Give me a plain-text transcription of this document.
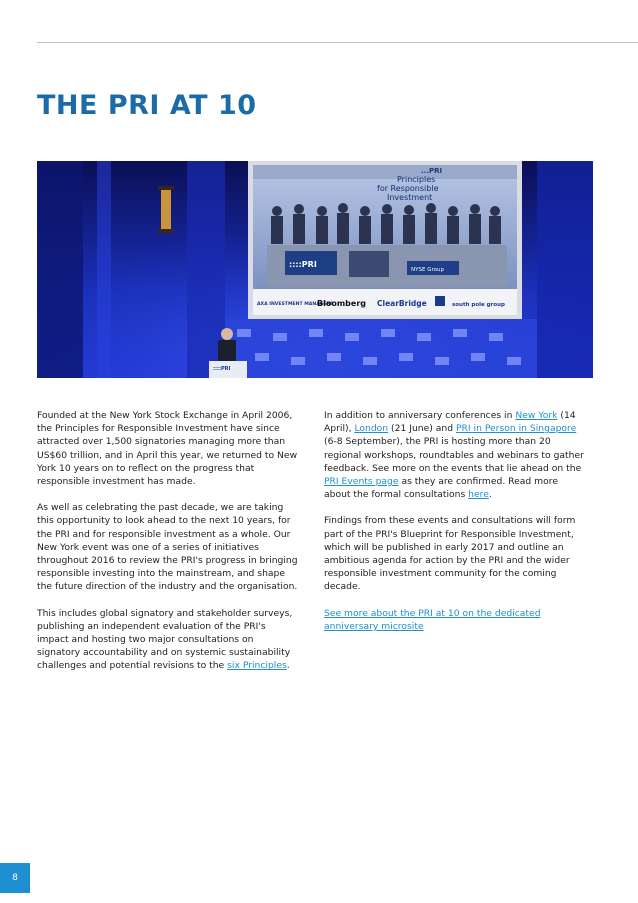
THE PRI AT 10
...PRI
Principles
for Responsible
Investment
::::PRI
NYSE Group
AXA INVESTMENT MANAGERS
Bloomberg ClearBridge	south pole group
::::PRI

Founded at the New York Stock Exchange in April 2006, the Principles for Responsible Investment have since attracted over 1,500 signatories managing more than US$60 trillion, and in April this year, we returned to New York 10 years on to reflect on the progress that responsible investment has made.

As well as celebrating the past decade, we are taking this opportunity to look ahead to the next 10 years, for the PRI and for responsible investment as a whole. Our New York event was one of a series of initiatives throughout 2016 to review the PRI's progress in bringing responsible investing into the mainstream, and shape the future direction of the industry and the organisation.

This includes global signatory and stakeholder surveys, publishing an independent evaluation of the PRI's impact and hosting two major consultations on signatory accountability and on systemic sustainability challenges and potential revisions to the six Principles.

In addition to anniversary conferences in New York (14 April), London (21 June) and PRI in Person in Singapore (6-8 September), the PRI is hosting more than 20 regional workshops, roundtables and webinars to gather feedback. See more on the events that lie ahead on the PRI Events page as they are confirmed. Read more about the formal consultations here.

Findings from these events and consultations will form part of the PRI's Blueprint for Responsible Investment, which will be published in early 2017 and outline an ambitious agenda for action by the PRI and the wider responsible investment community for the coming decade.

See more about the PRI at 10 on the dedicated anniversary microsite

8
